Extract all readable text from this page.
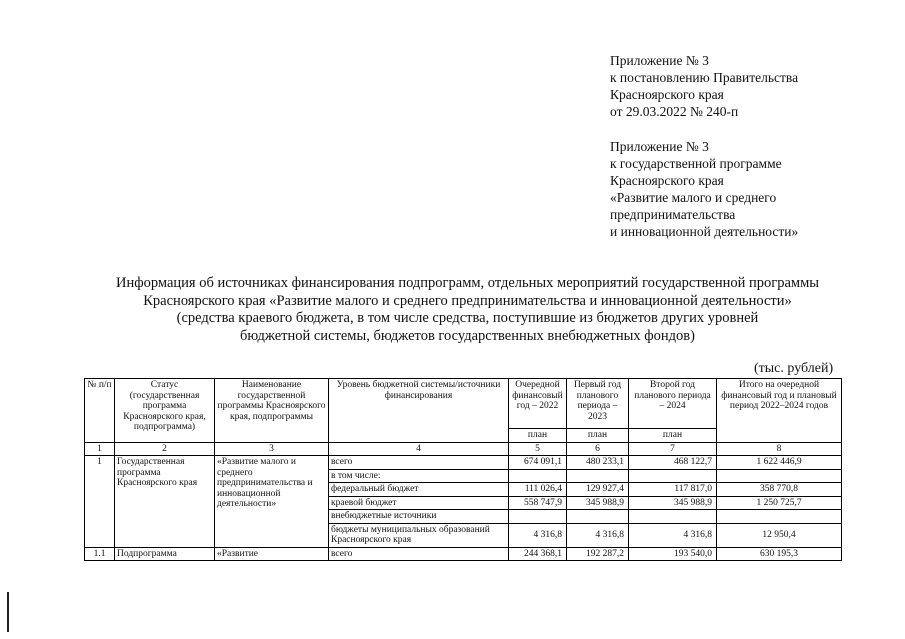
Приложение № 3
к постановлению Правительства
Красноярского края
от 29.03.2022 № 240-п
Приложение № 3
к государственной программе
Красноярского края
«Развитие малого и среднего
предпринимательства
и инновационной деятельности»
Информация об источниках финансирования подпрограмм, отдельных мероприятий государственной программы
Красноярского края «Развитие малого и среднего предпринимательства и инновационной деятельности»
(средства краевого бюджета, в том числе средства, поступившие из бюджетов других уровней
бюджетной системы, бюджетов государственных внебюджетных фондов)
(тыс. рублей)
№ п/п	Статус (государственная программа Красноярского края, подпрограмма)	Наименование государственной программы Красноярского края, подпрограммы	Уровень бюджетной системы/источники финансирования	Очередной финансовый год – 2022	Первый год планового периода – 2023	Второй год планового периода – 2024	Итого на очередной финансовый год и плановый период 2022–2024 годов
				план	план	план	
1	2	3	4	5	6	7	8
1	Государственная программа Красноярского края	«Развитие малого и среднего предпринимательства и инновационной деятельности»	всего	674 091,1	480 233,1	468 122,7	1 622 446,9
			в том числе:				
			федеральный бюджет	111 026,4	129 927,4	117 817,0	358 770,8
			краевой бюджет	558 747,9	345 988,9	345 988,9	1 250 725,7
			внебюджетные источники				
			бюджеты муниципальных образований Красноярского края	4 316,8	4 316,8	4 316,8	12 950,4
1.1	Подпрограмма	«Развитие	всего	244 368,1	192 287,2	193 540,0	630 195,3
